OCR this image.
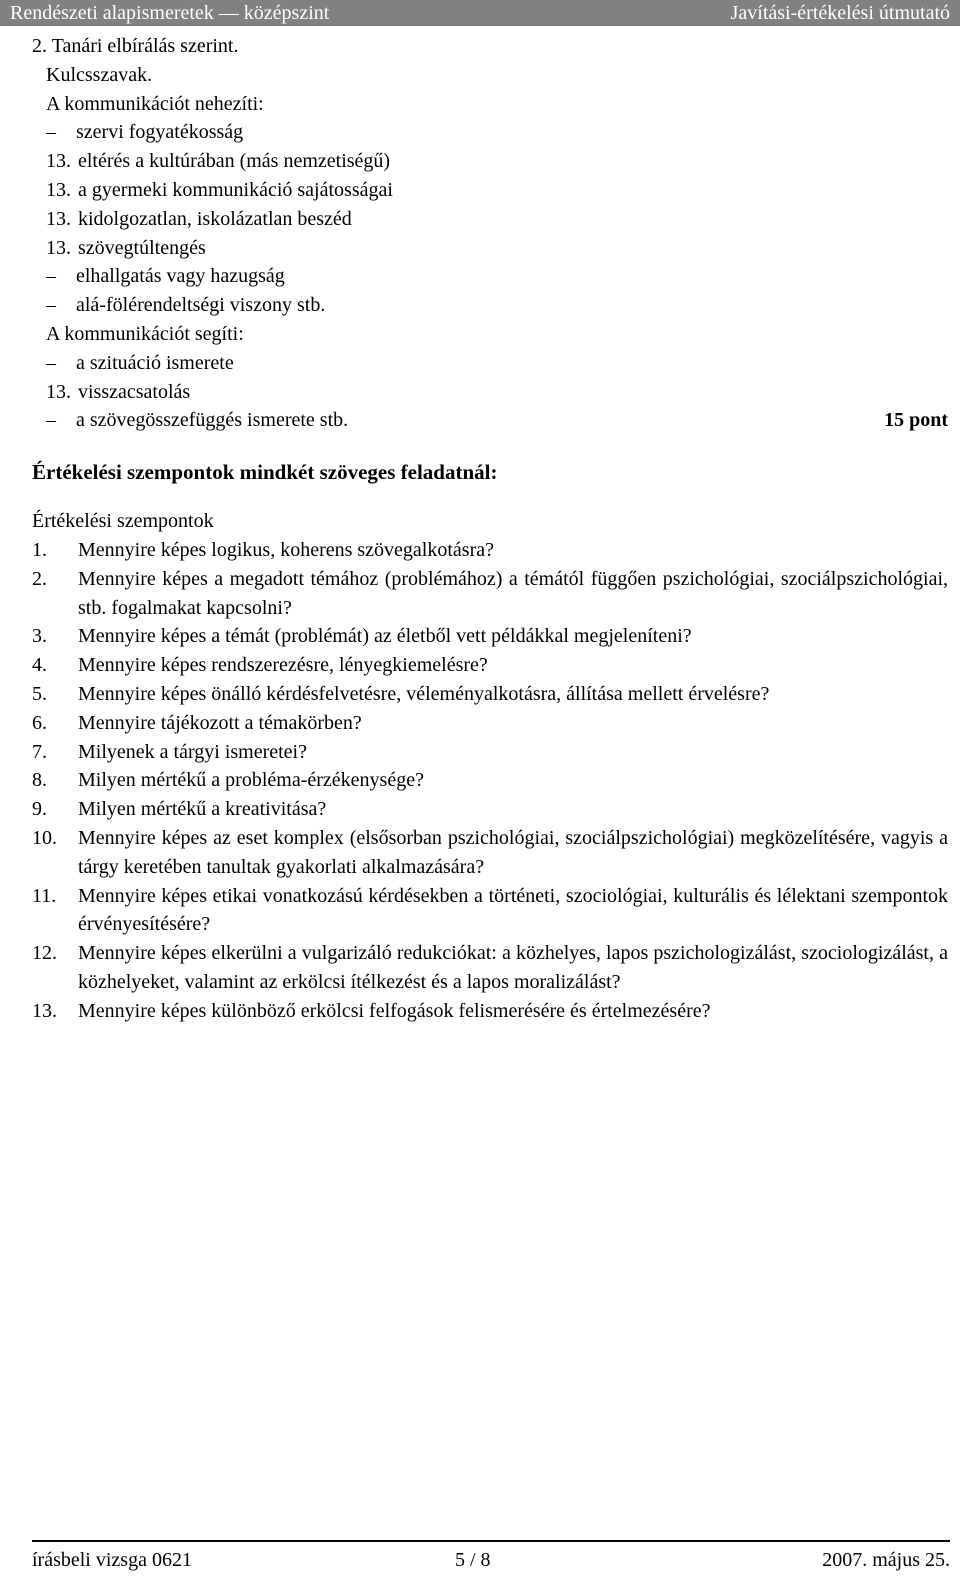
Rendészeti alapismeretek — középszint	Javítási-értékelési útmutató
2. Tanári elbírálás szerint.
Kulcsszavak.
A kommunikációt nehezíti:
– szervi fogyatékosság
13. eltérés a kultúrában (más nemzetiségű)
13. a gyermeki kommunikáció sajátosságai
13. kidolgozatlan, iskolázatlan beszéd
13. szövegtúltengés
– elhallgatás vagy hazugság
– alá-fölérendeltségi viszony stb.
A kommunikációt segíti:
– a szituáció ismerete
13. visszacsatolás
– a szövegösszefüggés ismerete stb.	15 pont
Értékelési szempontok mindkét szöveges feladatnál:
Értékelési szempontok
1.	Mennyire képes logikus, koherens szövegalkotásra?
2.	Mennyire képes a megadott témához (problémához) a témától függően pszichológiai, szociálpszichológiai, stb. fogalmakat kapcsolni?
3.	Mennyire képes a témát (problémát) az életből vett példákkal megjeleníteni?
4.	Mennyire képes rendszerezésre, lényegkiemelésre?
5.	Mennyire képes önálló kérdésfelvetésre, véleményalkotásra, állítása mellett érvelésre?
6.	Mennyire tájékozott a témakörben?
7.	Milyenek a tárgyi ismeretei?
8.	Milyen mértékű a probléma-érzékenysége?
9.	Milyen mértékű a kreativitása?
10.	Mennyire képes az eset komplex (elsősorban pszichológiai, szociálpszichológiai) megközelítésére, vagyis a tárgy keretében tanultak gyakorlati alkalmazására?
11.	Mennyire képes etikai vonatkozású kérdésekben a történeti, szociológiai, kulturális és lélektani szempontok érvényesítésére?
12.	Mennyire képes elkerülni a vulgarizáló redukciókat: a közhelyes, lapos pszichologizálást, szociologizálást, a közhelyeket, valamint az erkölcsi ítélkezést és a lapos moralizálást?
13.	Mennyire képes különböző erkölcsi felfogások felismerésére és értelmezésére?
írásbeli vizsga 0621	5 / 8	2007. május 25.
